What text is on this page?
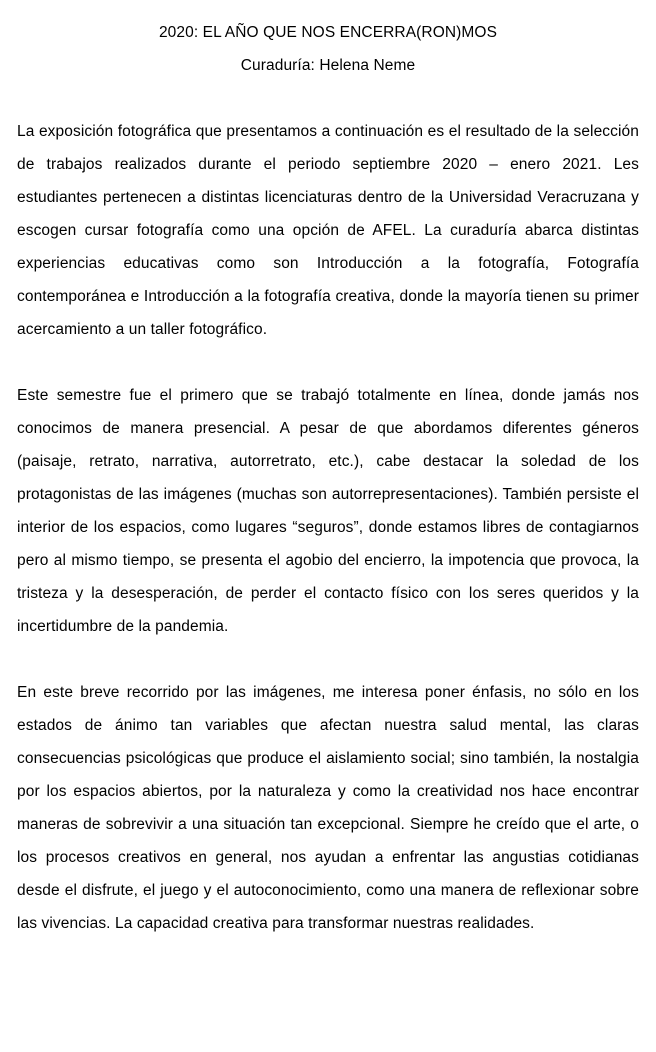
2020: EL AÑO QUE NOS ENCERRA(RON)MOS
Curaduría: Helena Neme

La exposición fotográfica que presentamos a continuación es el resultado de la selección de trabajos realizados durante el periodo septiembre 2020 – enero 2021. Les estudiantes pertenecen a distintas licenciaturas dentro de la Universidad Veracruzana y escogen cursar fotografía como una opción de AFEL. La curaduría abarca distintas experiencias educativas como son Introducción a la fotografía, Fotografía contemporánea e Introducción a la fotografía creativa, donde la mayoría tienen su primer acercamiento a un taller fotográfico.

Este semestre fue el primero que se trabajó totalmente en línea, donde jamás nos conocimos de manera presencial. A pesar de que abordamos diferentes géneros (paisaje, retrato, narrativa, autorretrato, etc.), cabe destacar la soledad de los protagonistas de las imágenes (muchas son autorrepresentaciones). También persiste el interior de los espacios, como lugares “seguros”, donde estamos libres de contagiarnos pero al mismo tiempo, se presenta el agobio del encierro, la impotencia que provoca, la tristeza y la desesperación, de perder el contacto físico con los seres queridos y la incertidumbre de la pandemia.

En este breve recorrido por las imágenes, me interesa poner énfasis, no sólo en los estados de ánimo tan variables que afectan nuestra salud mental, las claras consecuencias psicológicas que produce el aislamiento social; sino también, la nostalgia por los espacios abiertos, por la naturaleza y como la creatividad nos hace encontrar maneras de sobrevivir a una situación tan excepcional. Siempre he creído que el arte, o los procesos creativos en general, nos ayudan a enfrentar las angustias cotidianas desde el disfrute, el juego y el autoconocimiento, como una manera de reflexionar sobre las vivencias. La capacidad creativa para transformar nuestras realidades.
